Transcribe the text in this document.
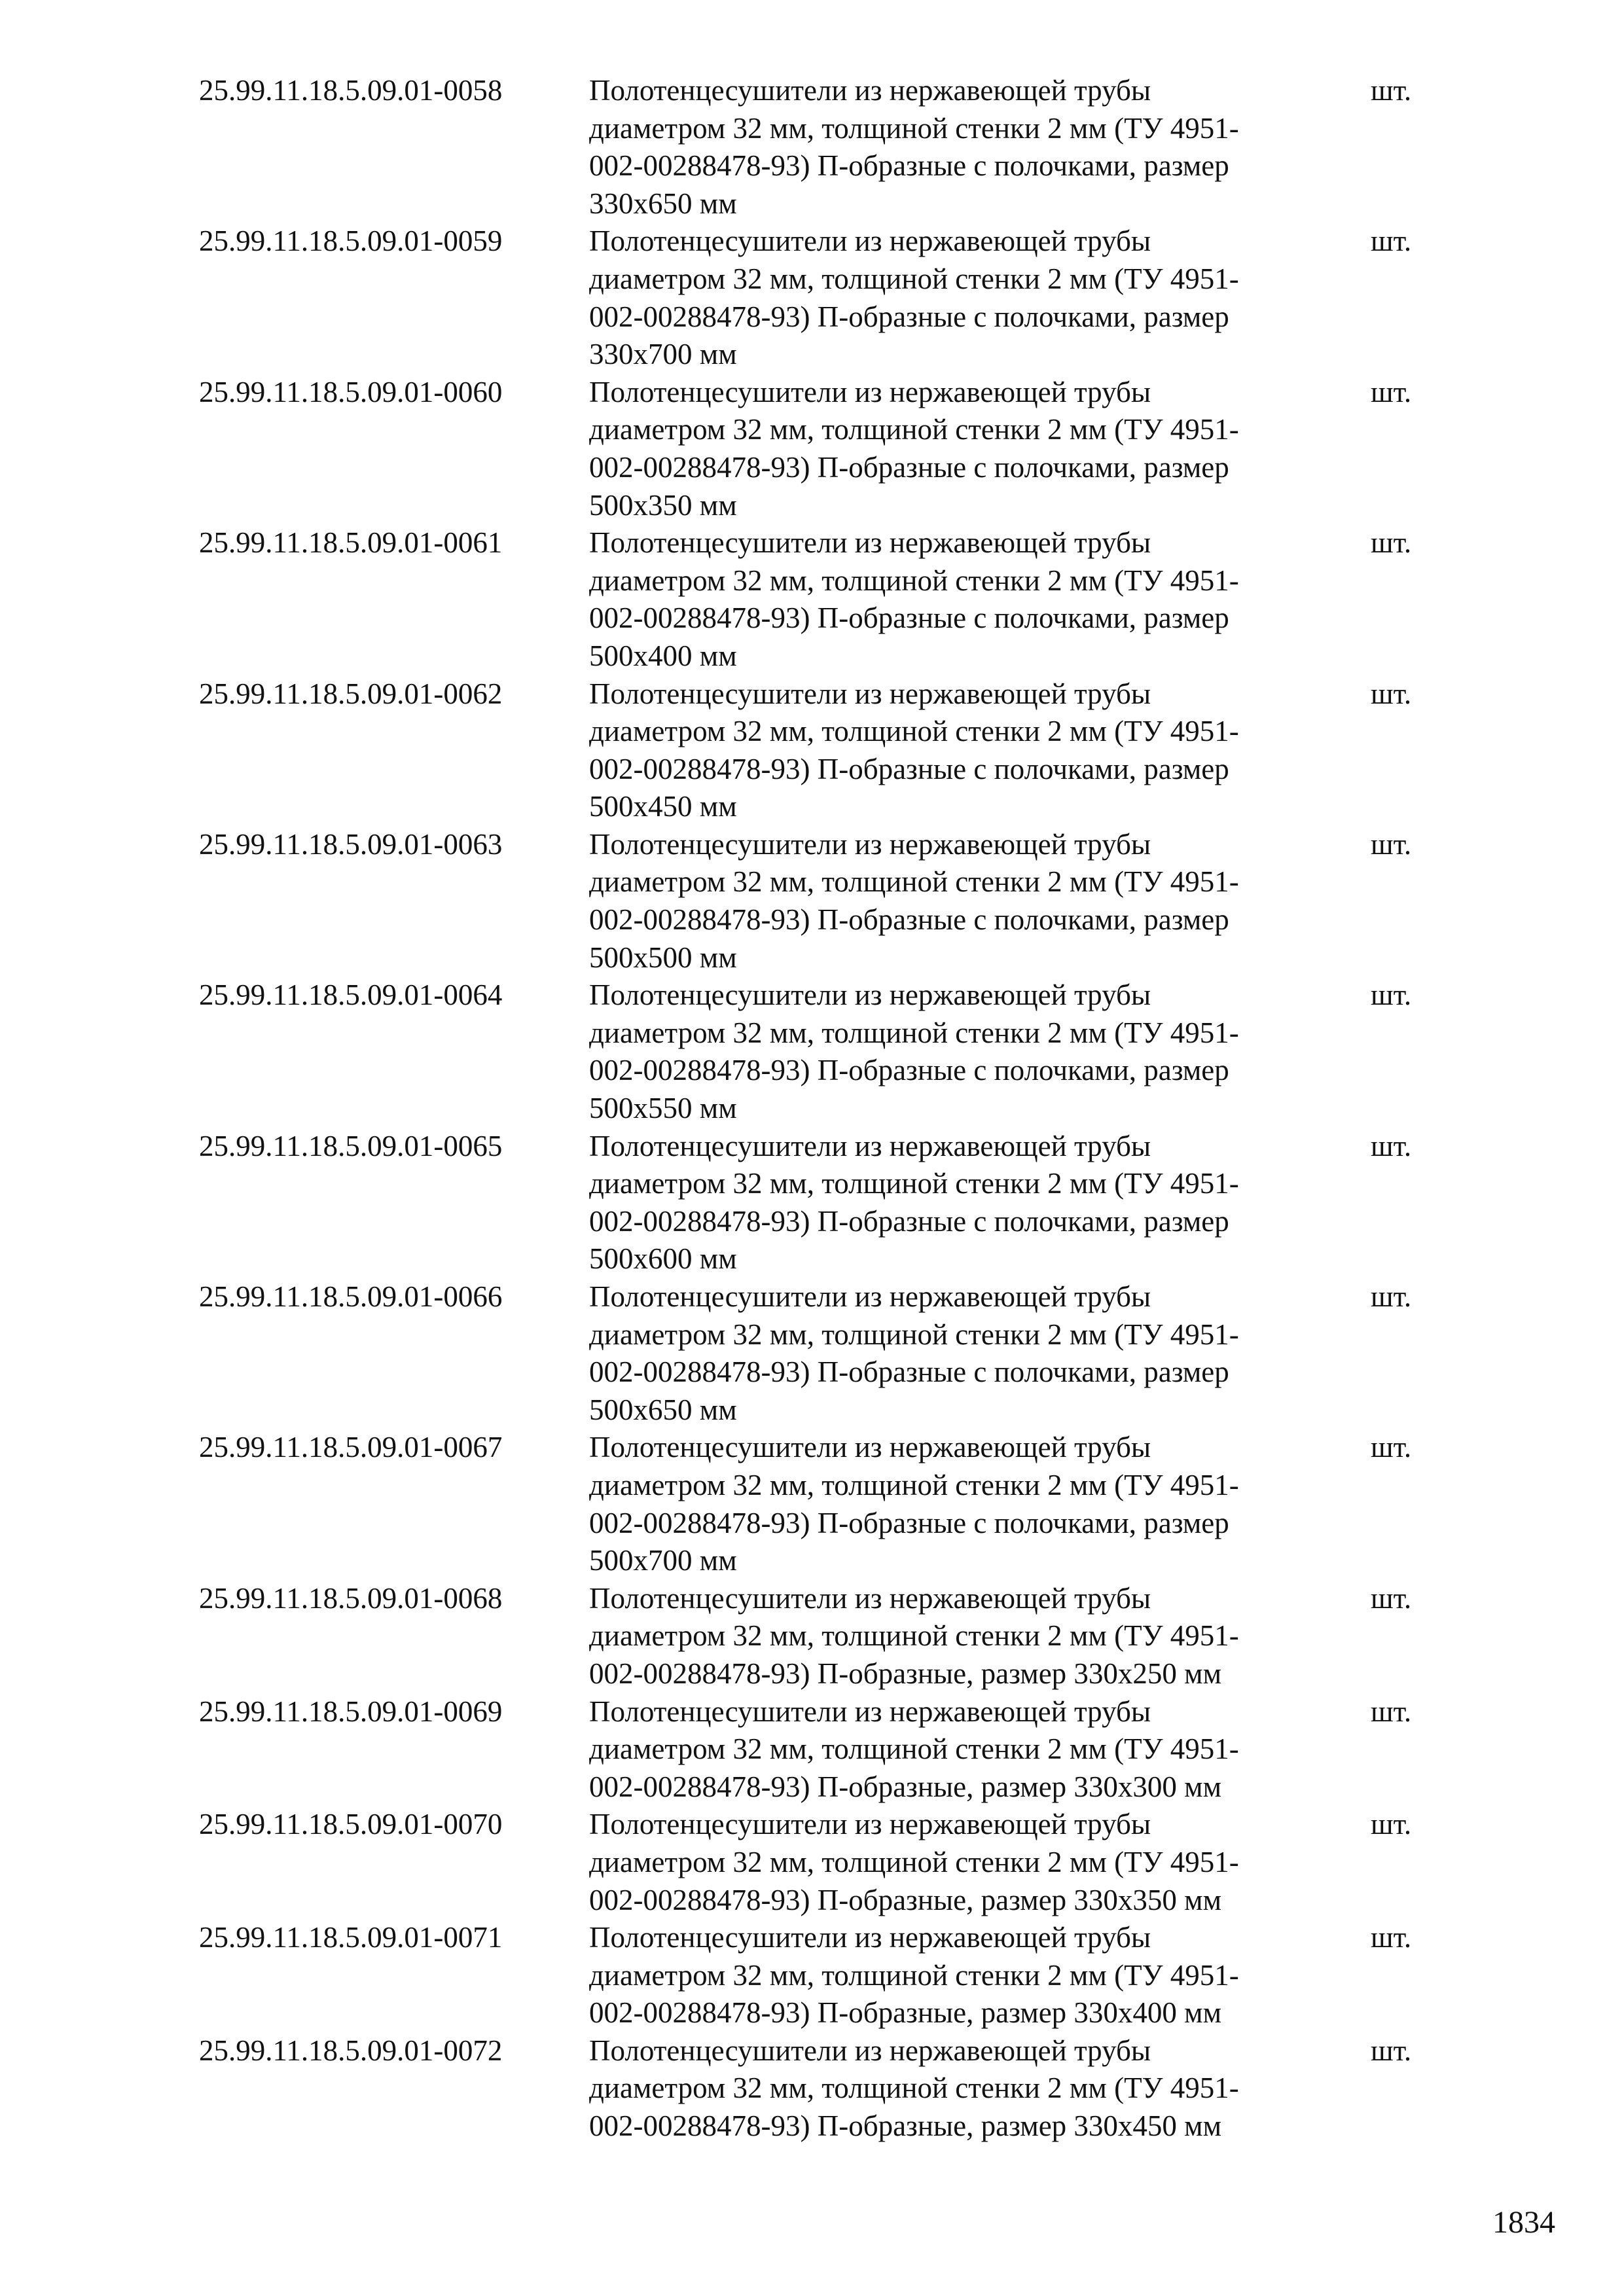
25.99.11.18.5.09.01-0058	Полотенцесушители из нержавеющей трубы
диаметром 32 мм, толщиной стенки 2 мм (ТУ 4951-
002-00288478-93) П-образные с полочками, размер
330х650 мм
шт.
25.99.11.18.5.09.01-0059	Полотенцесушители из нержавеющей трубы
диаметром 32 мм, толщиной стенки 2 мм (ТУ 4951-
002-00288478-93) П-образные с полочками, размер
330х700 мм
шт.
25.99.11.18.5.09.01-0060	Полотенцесушители из нержавеющей трубы
диаметром 32 мм, толщиной стенки 2 мм (ТУ 4951-
002-00288478-93) П-образные с полочками, размер
500х350 мм
шт.
25.99.11.18.5.09.01-0061	Полотенцесушители из нержавеющей трубы
диаметром 32 мм, толщиной стенки 2 мм (ТУ 4951-
002-00288478-93) П-образные с полочками, размер
500х400 мм
шт.
25.99.11.18.5.09.01-0062	Полотенцесушители из нержавеющей трубы
диаметром 32 мм, толщиной стенки 2 мм (ТУ 4951-
002-00288478-93) П-образные с полочками, размер
500х450 мм
шт.
25.99.11.18.5.09.01-0063	Полотенцесушители из нержавеющей трубы
диаметром 32 мм, толщиной стенки 2 мм (ТУ 4951-
002-00288478-93) П-образные с полочками, размер
500х500 мм
шт.
25.99.11.18.5.09.01-0064	Полотенцесушители из нержавеющей трубы
диаметром 32 мм, толщиной стенки 2 мм (ТУ 4951-
002-00288478-93) П-образные с полочками, размер
500х550 мм
шт.
25.99.11.18.5.09.01-0065	Полотенцесушители из нержавеющей трубы
диаметром 32 мм, толщиной стенки 2 мм (ТУ 4951-
002-00288478-93) П-образные с полочками, размер
500х600 мм
шт.
25.99.11.18.5.09.01-0066	Полотенцесушители из нержавеющей трубы
диаметром 32 мм, толщиной стенки 2 мм (ТУ 4951-
002-00288478-93) П-образные с полочками, размер
500х650 мм
шт.
25.99.11.18.5.09.01-0067	Полотенцесушители из нержавеющей трубы
диаметром 32 мм, толщиной стенки 2 мм (ТУ 4951-
002-00288478-93) П-образные с полочками, размер
500х700 мм
шт.
25.99.11.18.5.09.01-0068	Полотенцесушители из нержавеющей трубы
диаметром 32 мм, толщиной стенки 2 мм (ТУ 4951-
002-00288478-93) П-образные, размер 330х250 мм
шт.
25.99.11.18.5.09.01-0069	Полотенцесушители из нержавеющей трубы
диаметром 32 мм, толщиной стенки 2 мм (ТУ 4951-
002-00288478-93) П-образные, размер 330х300 мм
шт.
25.99.11.18.5.09.01-0070	Полотенцесушители из нержавеющей трубы
диаметром 32 мм, толщиной стенки 2 мм (ТУ 4951-
002-00288478-93) П-образные, размер 330х350 мм
шт.
25.99.11.18.5.09.01-0071	Полотенцесушители из нержавеющей трубы
диаметром 32 мм, толщиной стенки 2 мм (ТУ 4951-
002-00288478-93) П-образные, размер 330х400 мм
шт.
25.99.11.18.5.09.01-0072	Полотенцесушители из нержавеющей трубы
диаметром 32 мм, толщиной стенки 2 мм (ТУ 4951-
002-00288478-93) П-образные, размер 330х450 мм
шт.
1834
